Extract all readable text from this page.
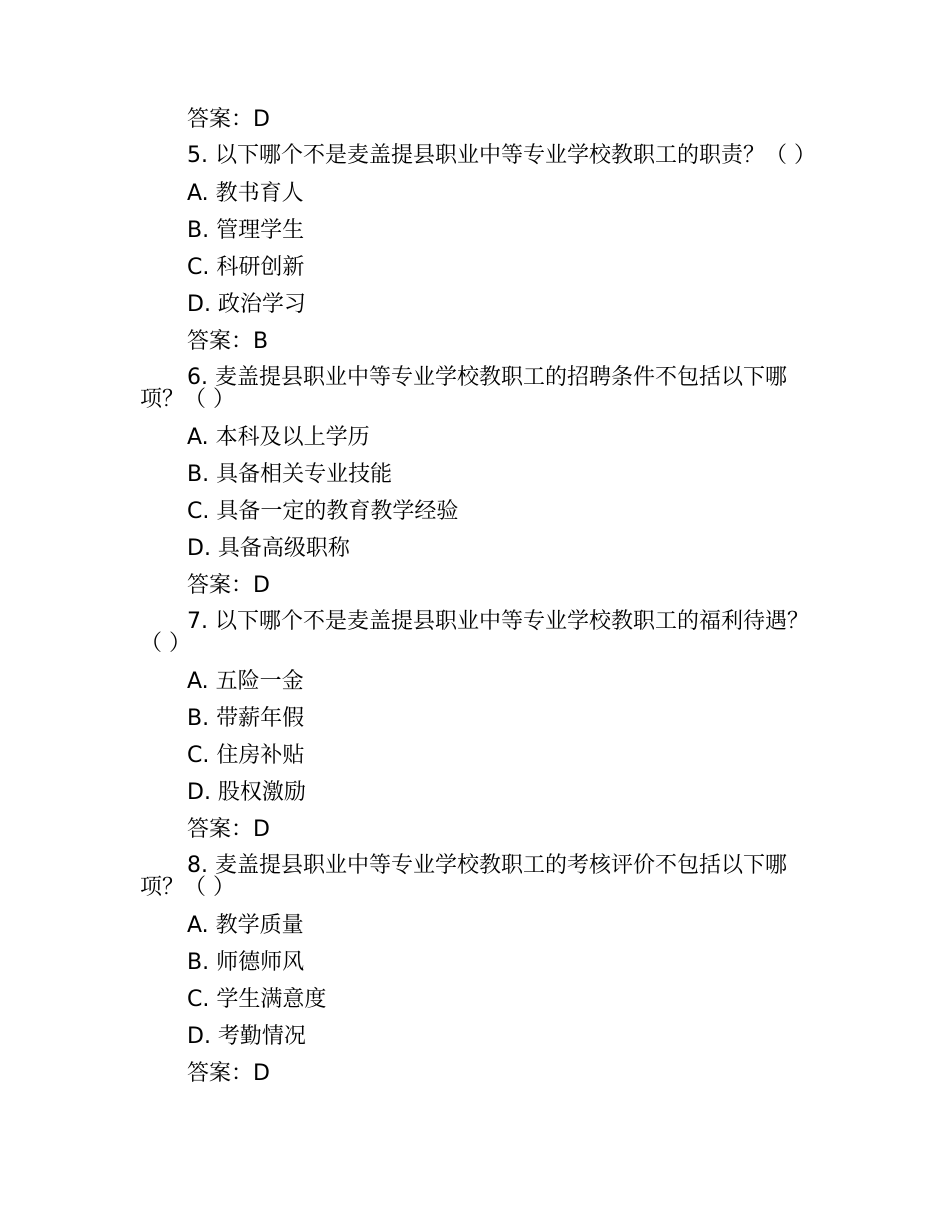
答案：D
5. 以下哪个不是麦盖提县职业中等专业学校教职工的职责？（ ）
A. 教书育人
B. 管理学生
C. 科研创新
D. 政治学习
答案：B
6. 麦盖提县职业中等专业学校教职工的招聘条件不包括以下哪项？（ ）
A. 本科及以上学历
B. 具备相关专业技能
C. 具备一定的教育教学经验
D. 具备高级职称
答案：D
7. 以下哪个不是麦盖提县职业中等专业学校教职工的福利待遇？（ ）
A. 五险一金
B. 带薪年假
C. 住房补贴
D. 股权激励
答案：D
8. 麦盖提县职业中等专业学校教职工的考核评价不包括以下哪项？（ ）
A. 教学质量
B. 师德师风
C. 学生满意度
D. 考勤情况
答案：D
